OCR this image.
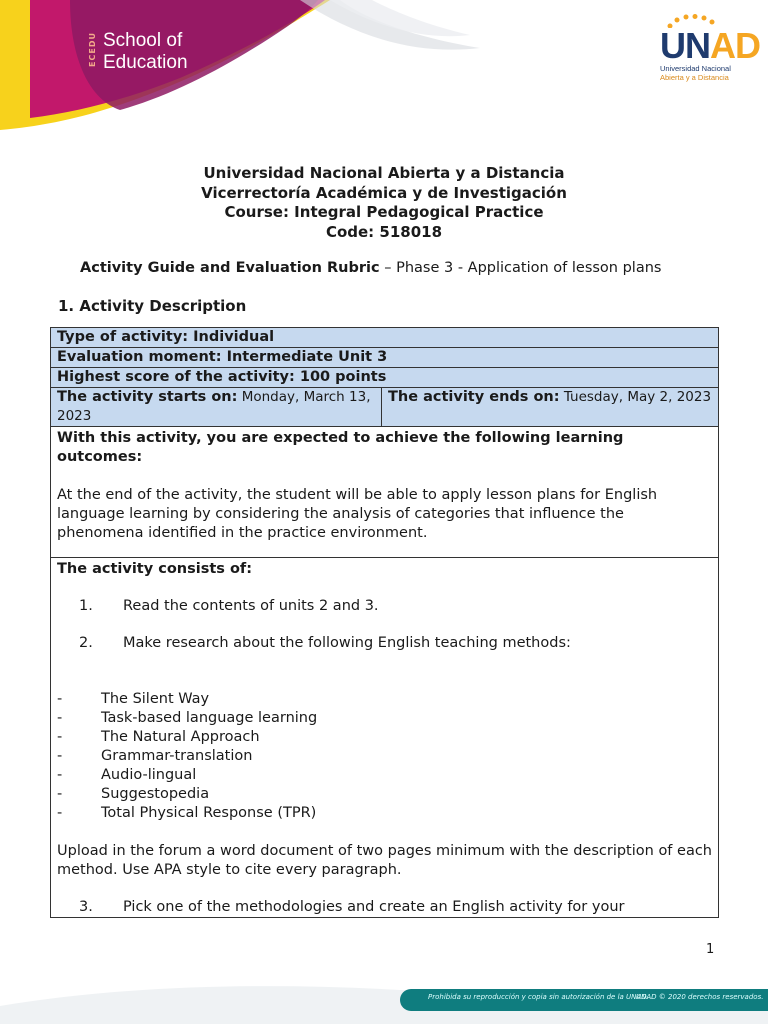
ECEDU School of
Education	UNAD
Universidad Nacional
Abierta y a Distancia
Universidad Nacional Abierta y a Distancia
Vicerrectoría Académica y de Investigación
Course: Integral Pedagogical Practice
Code: 518018
Activity Guide and Evaluation Rubric – Phase 3 - Application of lesson plans
1. Activity Description
Type of activity: Individual
Evaluation moment: Intermediate Unit 3
Highest score of the activity: 100 points
The activity starts on: Monday, March 13, 2023	The activity ends on: Tuesday, May 2, 2023

With this activity, you are expected to achieve the following learning outcomes:
At the end of the activity, the student will be able to apply lesson plans for English language learning by considering the analysis of categories that influence the phenomena identified in the practice environment.

The activity consists of:
1.	Read the contents of units 2 and 3.
2.	Make research about the following English teaching methods:
-	The Silent Way
-	Task-based language learning
-	The Natural Approach
-	Grammar-translation
-	Audio-lingual
-	Suggestopedia
-	Total Physical Response (TPR)
Upload in the forum a word document of two pages minimum with the description of each method. Use APA style to cite every paragraph.
3.	Pick one of the methodologies and create an English activity for your
1
Prohibida su reproducción y copia sin autorización de la UNAD.
UNAD © 2020 derechos reservados.
